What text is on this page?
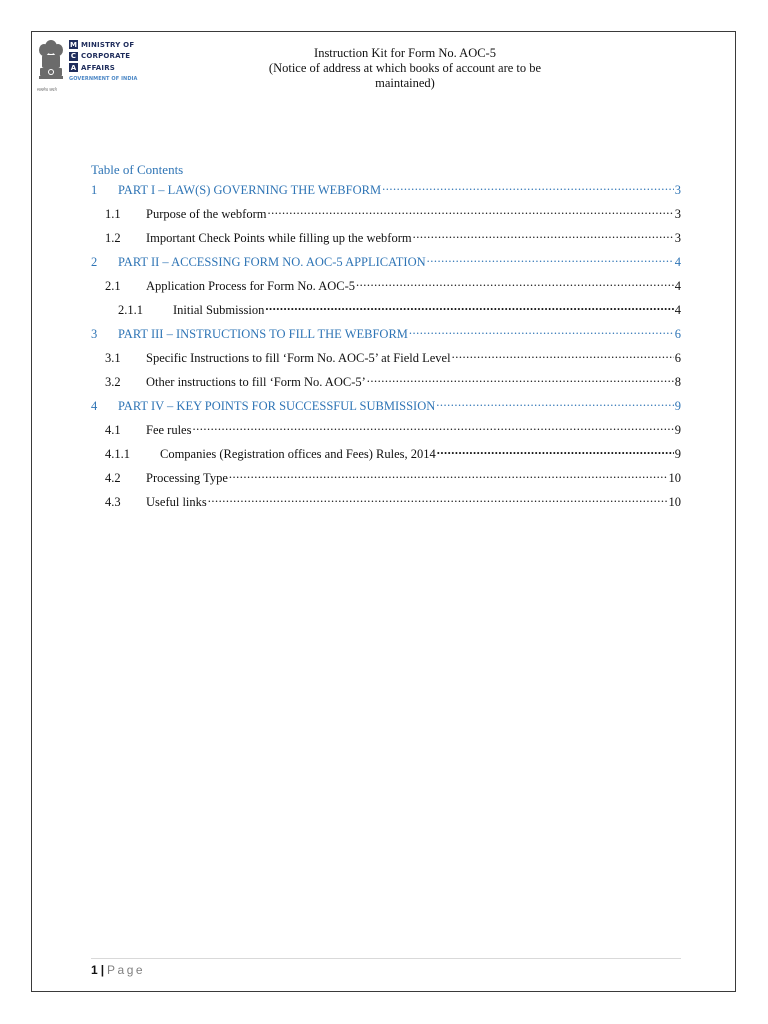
सत्यमेव जयते
M MINISTRY OF
C CORPORATE
A AFFAIRS
GOVERNMENT OF INDIA
Instruction Kit for Form No. AOC-5
(Notice of address at which books of account are to be
maintained)
Table of Contents
1	PART I – LAW(S) GOVERNING THE WEBFORM .....	3
1.1	Purpose of the webform .....	3
1.2	Important Check Points while filling up the webform .....	3
2	PART II – ACCESSING FORM NO. AOC-5 APPLICATION .....	4
2.1	Application Process for Form No. AOC-5 .....	4
2.1.1	Initial Submission .....	4
3	PART III – INSTRUCTIONS TO FILL THE WEBFORM .....	6
3.1	Specific Instructions to fill ‘Form No. AOC-5’ at Field Level .....	6
3.2	Other instructions to fill ‘Form No. AOC-5’ .....	8
4	PART IV – KEY POINTS FOR SUCCESSFUL SUBMISSION .....	9
4.1	Fee rules .....	9
4.1.1	Companies (Registration offices and Fees) Rules, 2014 .....	9
4.2	Processing Type .....	10
4.3	Useful links .....	10
1 | Page
